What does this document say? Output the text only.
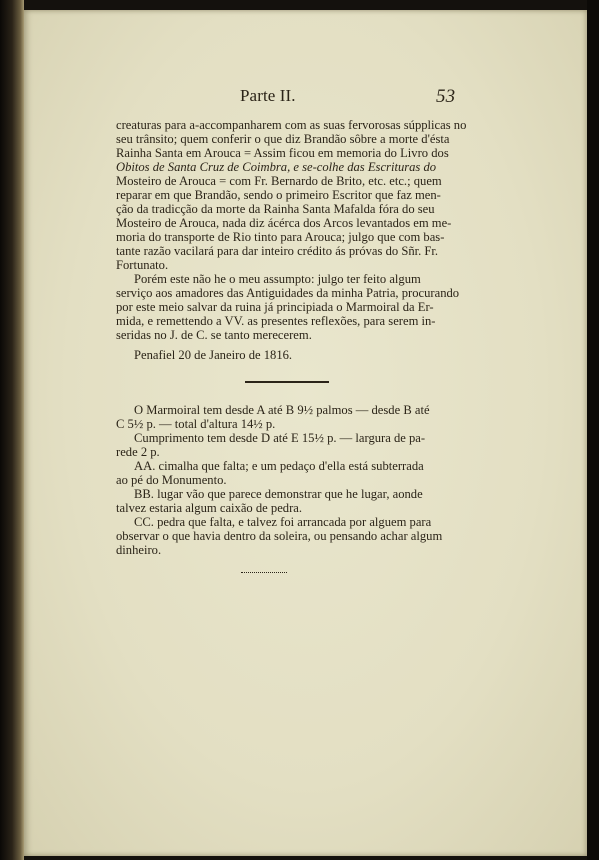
Parte II.	53
creaturas para a-accompanharem com as suas fervorosas súpplicas no
seu trânsito; quem conferir o que diz Brandão sôbre a morte d'ésta
Rainha Santa em Arouca = Assim ficou em memoria do Livro dos
Obitos de Santa Cruz de Coimbra, e se-colhe das Escrituras do
Mosteiro de Arouca = com Fr. Bernardo de Brito, etc. etc.; quem
reparar em que Brandão, sendo o primeiro Escritor que faz men-
ção da tradicção da morte da Rainha Santa Mafalda fóra do seu
Mosteiro de Arouca, nada diz ácérca dos Arcos levantados em me-
moria do transporte de Rio tinto para Arouca; julgo que com bas-
tante razão vacilará para dar inteiro crédito ás próvas do Sñr. Fr.
Fortunato.
Porém este não he o meu assumpto: julgo ter feito algum
serviço aos amadores das Antiguidades da minha Patria, procurando
por este meio salvar da ruina já principiada o Marmoiral da Er-
mida, e remettendo a VV. as presentes reflexões, para serem in-
seridas no J. de C. se tanto merecerem.
Penafiel 20 de Janeiro de 1816.
O Marmoiral tem desde A até B 9½ palmos — desde B até
C 5½ p. — total d'altura 14½ p.
Cumprimento tem desde D até E 15½ p. — largura de pa-
rede 2 p.
AA. cimalha que falta; e um pedaço d'ella está subterrada
ao pé do Monumento.
BB. lugar vão que parece demonstrar que he lugar, aonde
talvez estaria algum caixão de pedra.
CC. pedra que falta, e talvez foi arrancada por alguem para
observar o que havia dentro da soleira, ou pensando achar algum
dinheiro.
